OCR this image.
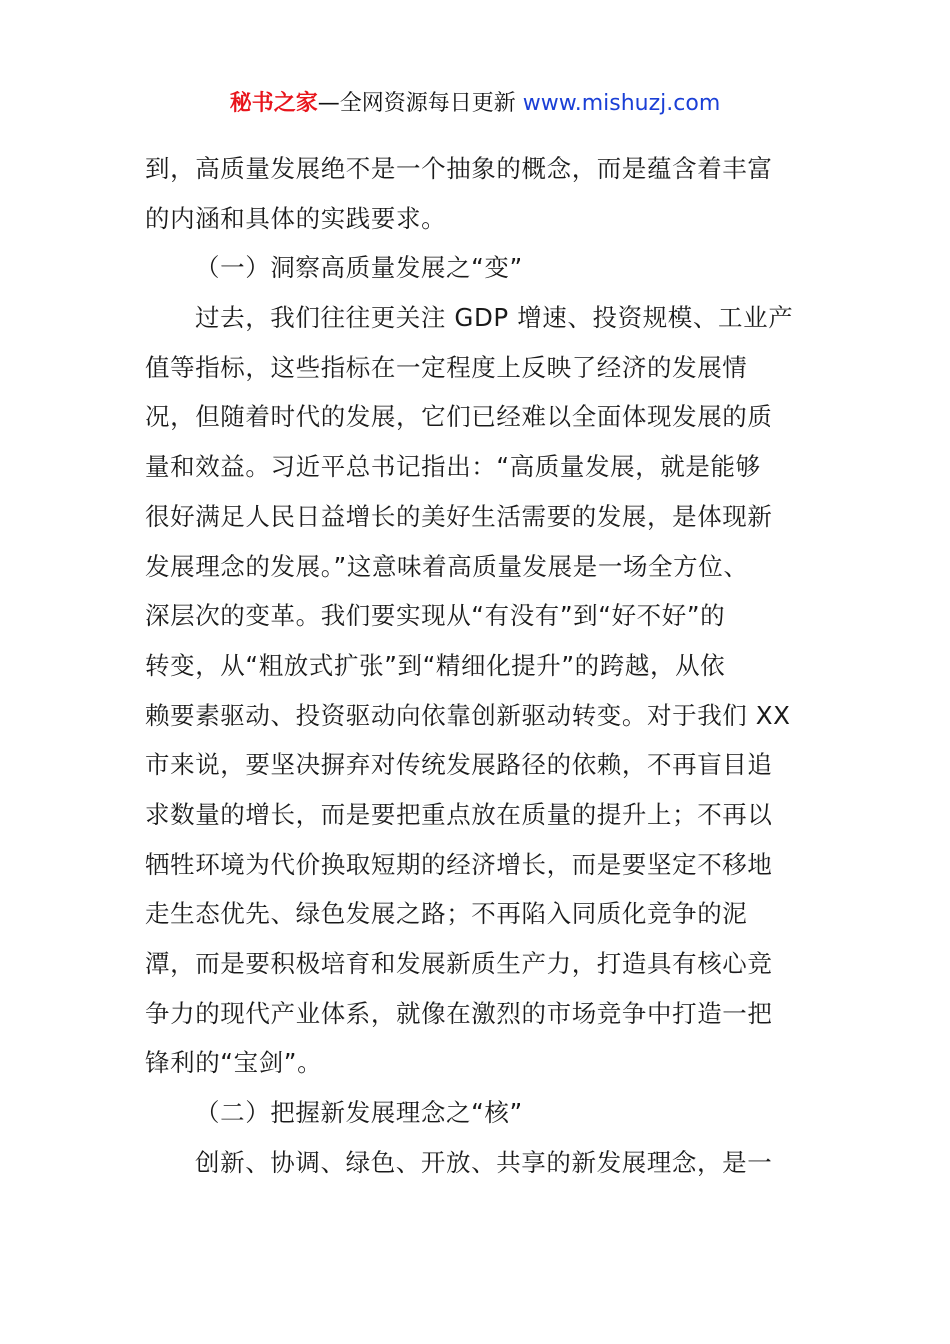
秘书之家—全网资源每日更新 www.mishuzj.com
到，高质量发展绝不是一个抽象的概念，而是蕴含着丰富
的内涵和具体的实践要求。
（一）洞察高质量发展之“变”
过去，我们往往更关注 GDP 增速、投资规模、工业产
值等指标，这些指标在一定程度上反映了经济的发展情
况，但随着时代的发展，它们已经难以全面体现发展的质
量和效益。习近平总书记指出：“高质量发展，就是能够
很好满足人民日益增长的美好生活需要的发展，是体现新
发展理念的发展。”这意味着高质量发展是一场全方位、
深层次的变革。我们要实现从“有没有”到“好不好”的
转变，从“粗放式扩张”到“精细化提升”的跨越，从依
赖要素驱动、投资驱动向依靠创新驱动转变。对于我们 XX
市来说，要坚决摒弃对传统发展路径的依赖，不再盲目追
求数量的增长，而是要把重点放在质量的提升上；不再以
牺牲环境为代价换取短期的经济增长，而是要坚定不移地
走生态优先、绿色发展之路；不再陷入同质化竞争的泥
潭，而是要积极培育和发展新质生产力，打造具有核心竞
争力的现代产业体系，就像在激烈的市场竞争中打造一把
锋利的“宝剑”。
（二）把握新发展理念之“核”
创新、协调、绿色、开放、共享的新发展理念，是一
